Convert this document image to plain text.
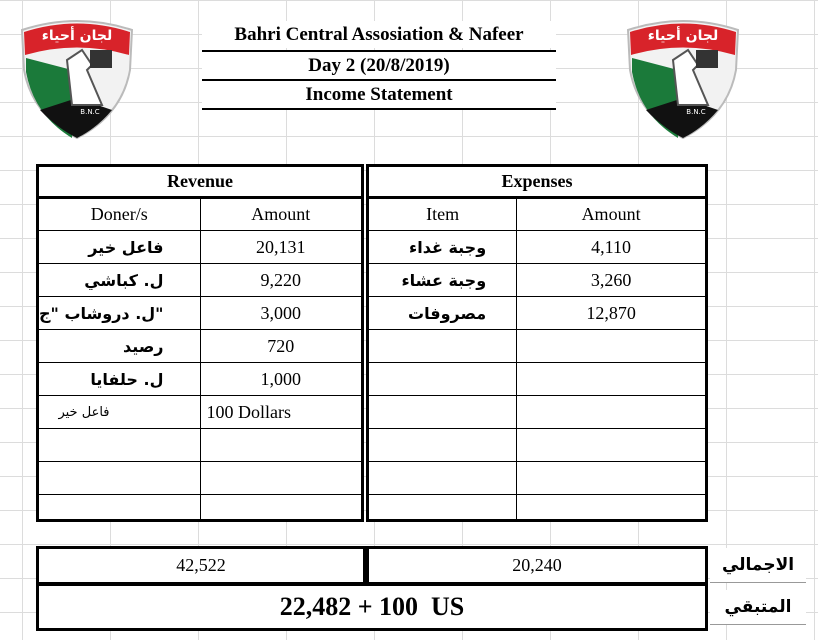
لجان أحياء
B.N.C
لجان أحياء
B.N.C
Bahri Central Assosiation & Nafeer
Day 2 (20/8/2019)
Income Statement
Revenue	
Doner/s	Amount
فاعل خير	20,131
ل. كباشي	9,220
"ل. دروشاب "ج	3,000
رصيد	720
ل. حلفايا	1,000
فاعل خير	100 Dollars

Expenses	
Item	Amount
وجبة غداء	4,110
وجبة عشاء	3,260
مصروفات	12,870

42,522	20,240	الاجمالي
22,482 + 100  US	المتبقي
